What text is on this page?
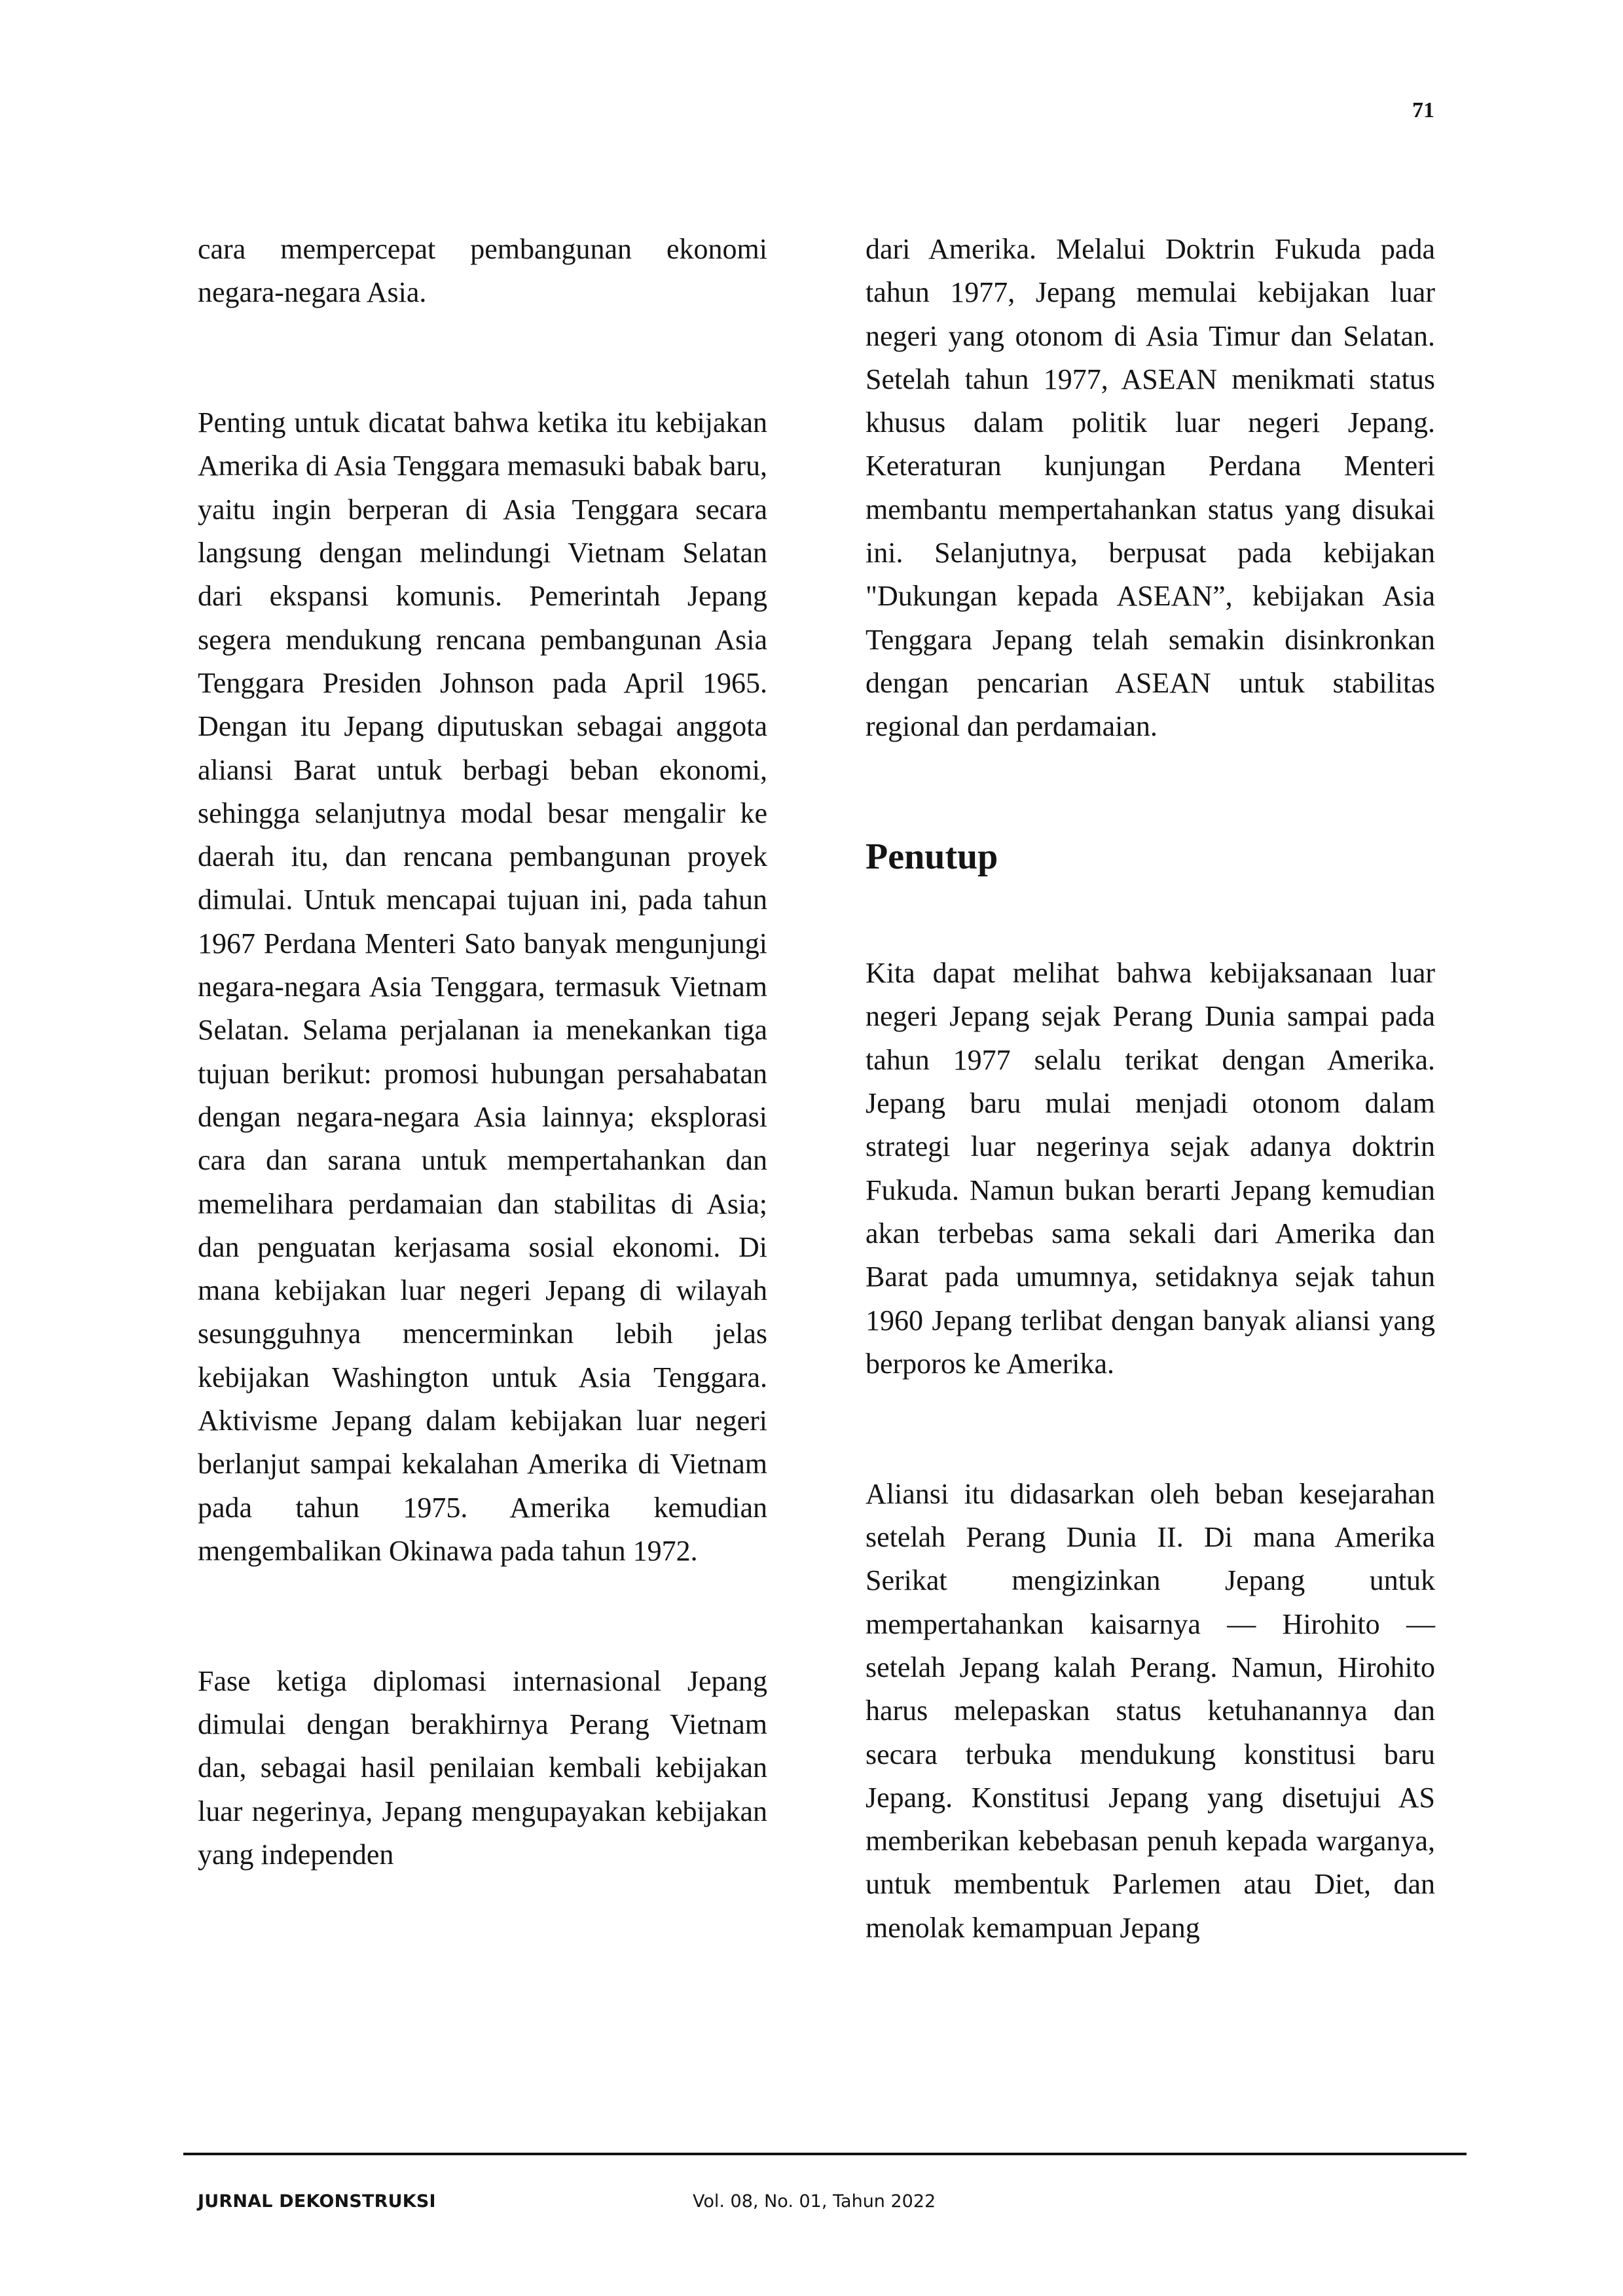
71

cara mempercepat pembangunan ekonomi negara-negara Asia.

Penting untuk dicatat bahwa ketika itu kebijakan Amerika di Asia Tenggara memasuki babak baru, yaitu ingin berperan di Asia Tenggara secara langsung dengan melindungi Vietnam Selatan dari ekspansi komunis. Pemerintah Jepang segera mendukung rencana pembangunan Asia Tenggara Presiden Johnson pada April 1965. Dengan itu Jepang diputuskan sebagai anggota aliansi Barat untuk berbagi beban ekonomi, sehingga selanjutnya modal besar mengalir ke daerah itu, dan rencana pembangunan proyek dimulai. Untuk mencapai tujuan ini, pada tahun 1967 Perdana Menteri Sato banyak mengunjungi negara-negara Asia Tenggara, termasuk Vietnam Selatan. Selama perjalanan ia menekankan tiga tujuan berikut: promosi hubungan persahabatan dengan negara-negara Asia lainnya; eksplorasi cara dan sarana untuk mempertahankan dan memelihara perdamaian dan stabilitas di Asia; dan penguatan kerjasama sosial ekonomi. Di mana kebijakan luar negeri Jepang di wilayah sesungguhnya mencerminkan lebih jelas kebijakan Washington untuk Asia Tenggara. Aktivisme Jepang dalam kebijakan luar negeri berlanjut sampai kekalahan Amerika di Vietnam pada tahun 1975. Amerika kemudian mengembalikan Okinawa pada tahun 1972.

Fase ketiga diplomasi internasional Jepang dimulai dengan berakhirnya Perang Vietnam dan, sebagai hasil penilaian kembali kebijakan luar negerinya, Jepang mengupayakan kebijakan yang independen

dari Amerika. Melalui Doktrin Fukuda pada tahun 1977, Jepang memulai kebijakan luar negeri yang otonom di Asia Timur dan Selatan. Setelah tahun 1977, ASEAN menikmati status khusus dalam politik luar negeri Jepang. Keteraturan kunjungan Perdana Menteri membantu mempertahankan status yang disukai ini. Selanjutnya, berpusat pada kebijakan "Dukungan kepada ASEAN”, kebijakan Asia Tenggara Jepang telah semakin disinkronkan dengan pencarian ASEAN untuk stabilitas regional dan perdamaian.

Penutup

Kita dapat melihat bahwa kebijaksanaan luar negeri Jepang sejak Perang Dunia sampai pada tahun 1977 selalu terikat dengan Amerika. Jepang baru mulai menjadi otonom dalam strategi luar negerinya sejak adanya doktrin Fukuda. Namun bukan berarti Jepang kemudian akan terbebas sama sekali dari Amerika dan Barat pada umumnya, setidaknya sejak tahun 1960 Jepang terlibat dengan banyak aliansi yang berporos ke Amerika.

Aliansi itu didasarkan oleh beban kesejarahan setelah Perang Dunia II. Di mana Amerika Serikat mengizinkan Jepang untuk mempertahankan kaisarnya — Hirohito — setelah Jepang kalah Perang. Namun, Hirohito harus melepaskan status ketuhanannya dan secara terbuka mendukung konstitusi baru Jepang. Konstitusi Jepang yang disetujui AS memberikan kebebasan penuh kepada warganya, untuk membentuk Parlemen atau Diet, dan menolak kemampuan Jepang

JURNAL DEKONSTRUKSI	Vol. 08, No. 01, Tahun 2022
